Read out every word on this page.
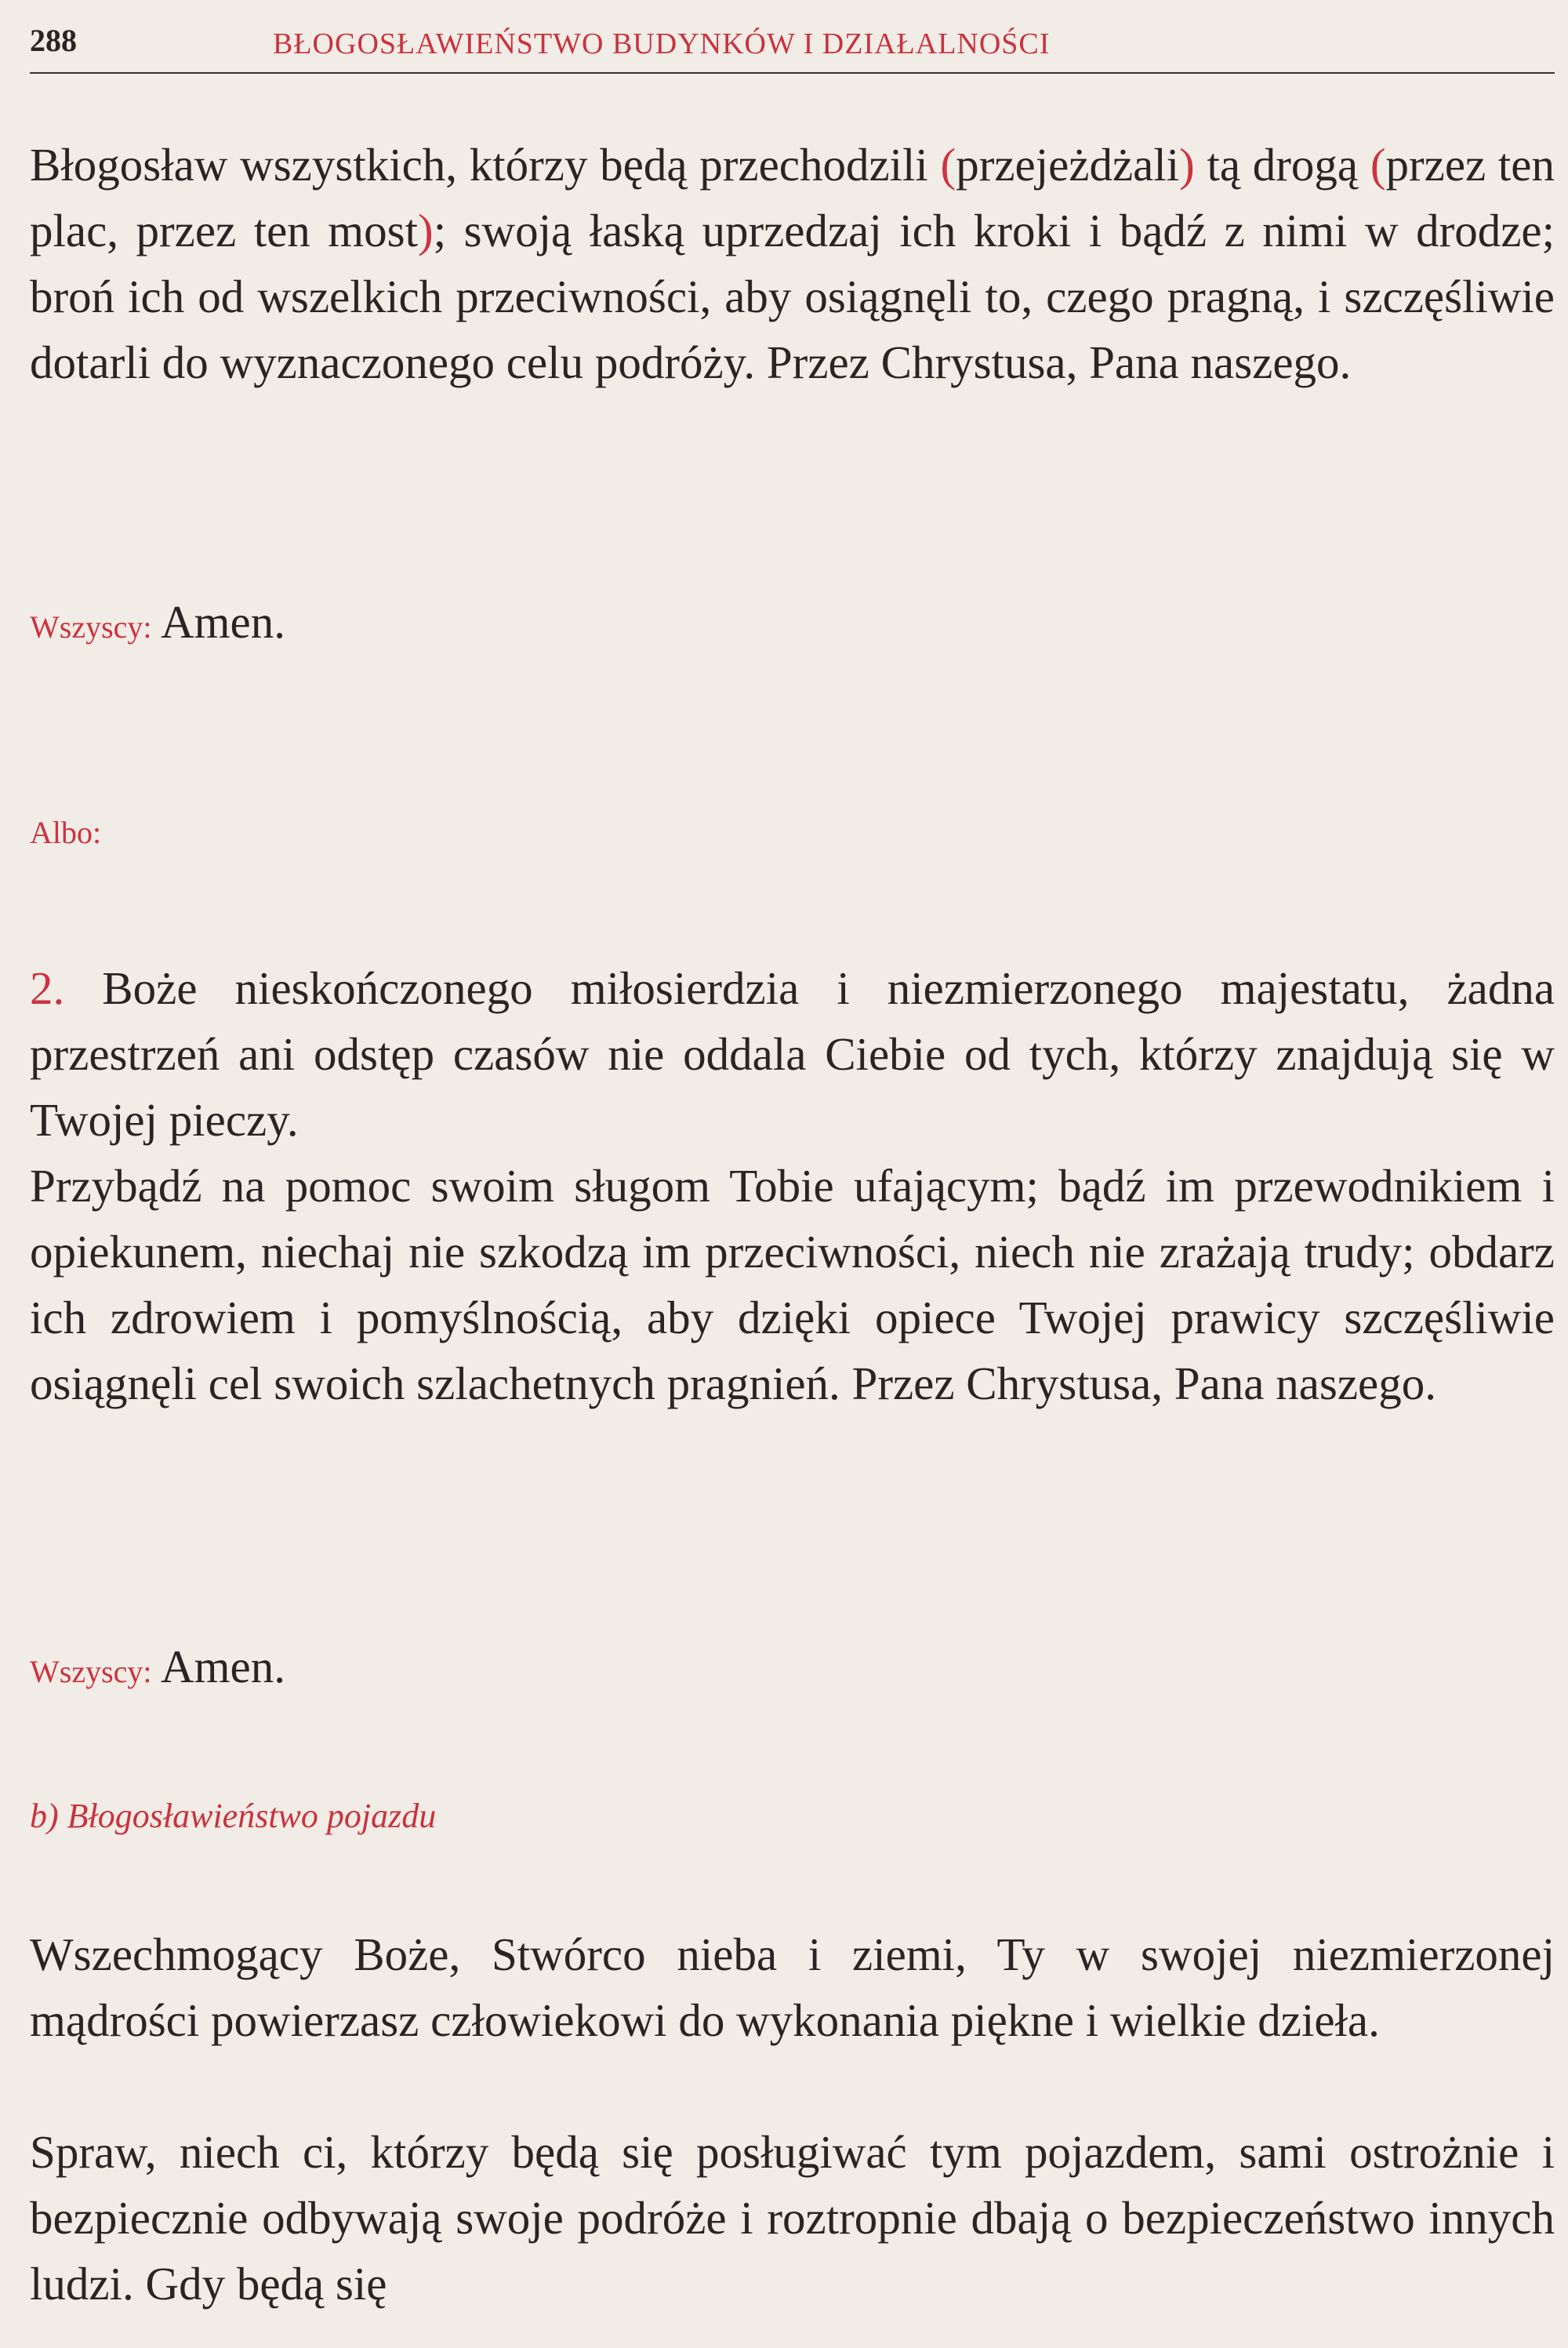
288	BŁOGOSŁAWIEŃSTWO BUDYNKÓW I DZIAŁALNOŚCI

Błogosław wszystkich, którzy będą przechodzili (przejeżdżali) tą drogą (przez ten plac, przez ten most); swoją łaską uprzedzaj ich kroki i bądź z nimi w drodze; broń ich od wszelkich przeciwności, aby osiągnęli to, czego pragną, i szczęśliwie dotarli do wyznaczonego celu podróży. Przez Chrystusa, Pana naszego.

Wszyscy: Amen.
Albo:

2. Boże nieskończonego miłosierdzia i niezmierzonego majestatu, żadna przestrzeń ani odstęp czasów nie oddala Ciebie od tych, którzy znajdują się w Twojej pieczy.

Przybądź na pomoc swoim sługom Tobie ufającym; bądź im przewodnikiem i opiekunem, niechaj nie szkodzą im przeciwności, niech nie zrażają trudy; obdarz ich zdrowiem i pomyślnością, aby dzięki opiece Twojej prawicy szczęśliwie osiągnęli cel swoich szlachetnych pragnień. Przez Chrystusa, Pana naszego.

Wszyscy: Amen.
b) Błogosławieństwo pojazdu

Wszechmogący Boże, Stwórco nieba i ziemi, Ty w swojej niezmierzonej mądrości powierzasz człowiekowi do wykonania piękne i wielkie dzieła.

Spraw, niech ci, którzy będą się posługiwać tym pojazdem, sami ostrożnie i bezpiecznie odbywają swoje podróże i roztropnie dbają o bezpieczeństwo innych ludzi. Gdy będą się
